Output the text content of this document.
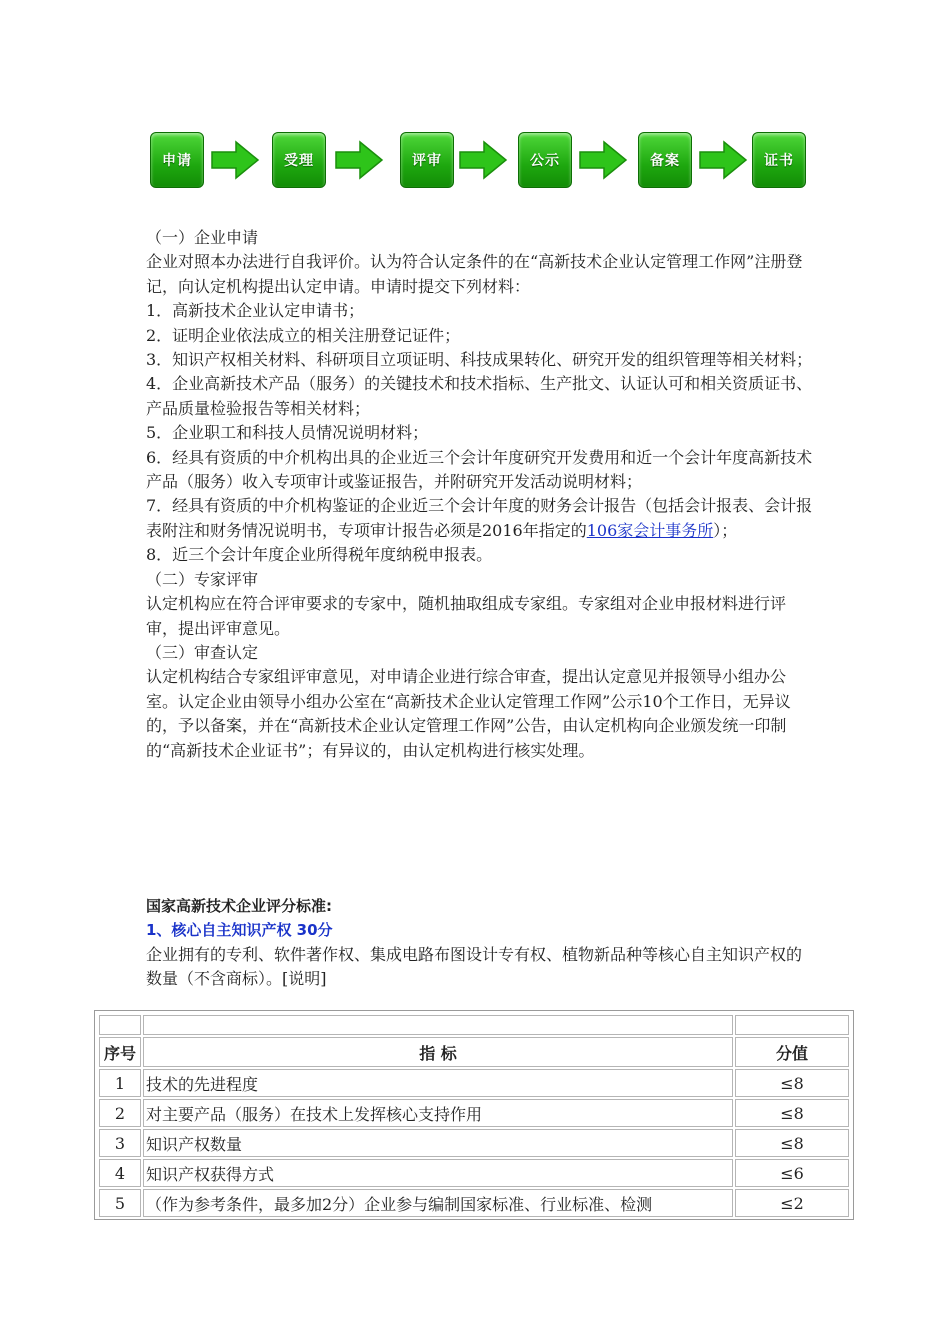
申请	受理	评审	公示	备案	证书

（一）企业申请

企业对照本办法进行自我评价。认为符合认定条件的在“高新技术企业认定管理工作网”注册登记，向认定机构提出认定申请。申请时提交下列材料：

1．高新技术企业认定申请书；

2．证明企业依法成立的相关注册登记证件；

3．知识产权相关材料、科研项目立项证明、科技成果转化、研究开发的组织管理等相关材料；

4．企业高新技术产品（服务）的关键技术和技术指标、生产批文、认证认可和相关资质证书、产品质量检验报告等相关材料；

5．企业职工和科技人员情况说明材料；

6．经具有资质的中介机构出具的企业近三个会计年度研究开发费用和近一个会计年度高新技术产品（服务）收入专项审计或鉴证报告，并附研究开发活动说明材料；

7．经具有资质的中介机构鉴证的企业近三个会计年度的财务会计报告（包括会计报表、会计报表附注和财务情况说明书，专项审计报告必须是2016年指定的106家会计事务所）；

8．近三个会计年度企业所得税年度纳税申报表。

（二）专家评审

认定机构应在符合评审要求的专家中，随机抽取组成专家组。专家组对企业申报材料进行评审，提出评审意见。

（三）审查认定

认定机构结合专家组评审意见，对申请企业进行综合审查，提出认定意见并报领导小组办公室。认定企业由领导小组办公室在“高新技术企业认定管理工作网”公示10个工作日，无异议的，予以备案，并在“高新技术企业认定管理工作网”公告，由认定机构向企业颁发统一印制的“高新技术企业证书”；有异议的，由认定机构进行核实处理。

国家高新技术企业评分标准:

1、核心自主知识产权 30分

企业拥有的专利、软件著作权、集成电路布图设计专有权、植物新品种等核心自主知识产权的数量（不含商标）。[说明]

序号	指 标	分值
1	技术的先进程度	≤8
2	对主要产品（服务）在技术上发挥核心支持作用	≤8
3	知识产权数量	≤8
4	知识产权获得方式	≤6
5	（作为参考条件，最多加2分）企业参与编制国家标准、行业标准、检测	≤2
